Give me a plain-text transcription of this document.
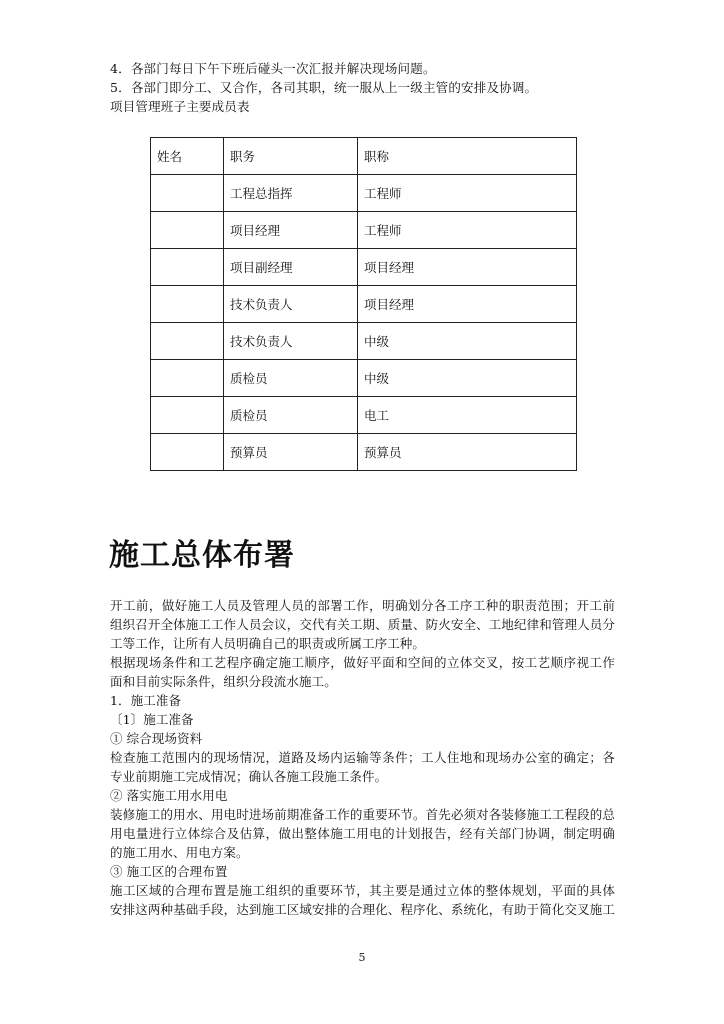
4．各部门每日下午下班后碰头一次汇报并解决现场问题。
5．各部门即分工、又合作，各司其职，统一服从上一级主管的安排及协调。
项目管理班子主要成员表
姓名	职务	职称
	工程总指挥	工程师
	项目经理	工程师
	项目副经理	项目经理
	技术负责人	项目经理
	技术负责人	中级
	质检员	中级
	质检员	电工
	预算员	预算员
施工总体布署
开工前，做好施工人员及管理人员的部署工作，明确划分各工序工种的职责范围；开工前
组织召开全体施工工作人员会议，交代有关工期、质量、防火安全、工地纪律和管理人员分
工等工作，让所有人员明确自己的职责或所属工序工种。
根据现场条件和工艺程序确定施工顺序，做好平面和空间的立体交叉，按工艺顺序视工作
面和目前实际条件，组织分段流水施工。
1．施工准备
〔1〕施工准备
① 综合现场资料
检查施工范围内的现场情况，道路及场内运输等条件；工人住地和现场办公室的确定；各
专业前期施工完成情况；确认各施工段施工条件。
② 落实施工用水用电
装修施工的用水、用电时进场前期准备工作的重要环节。首先必须对各装修施工工程段的总
用电量进行立体综合及估算，做出整体施工用电的计划报告，经有关部门协调，制定明确
的施工用水、用电方案。
③ 施工区的合理布置
施工区域的合理布置是施工组织的重要环节，其主要是通过立体的整体规划，平面的具体
安排这两种基础手段，达到施工区域安排的合理化、程序化、系统化，有助于简化交叉施工
5
